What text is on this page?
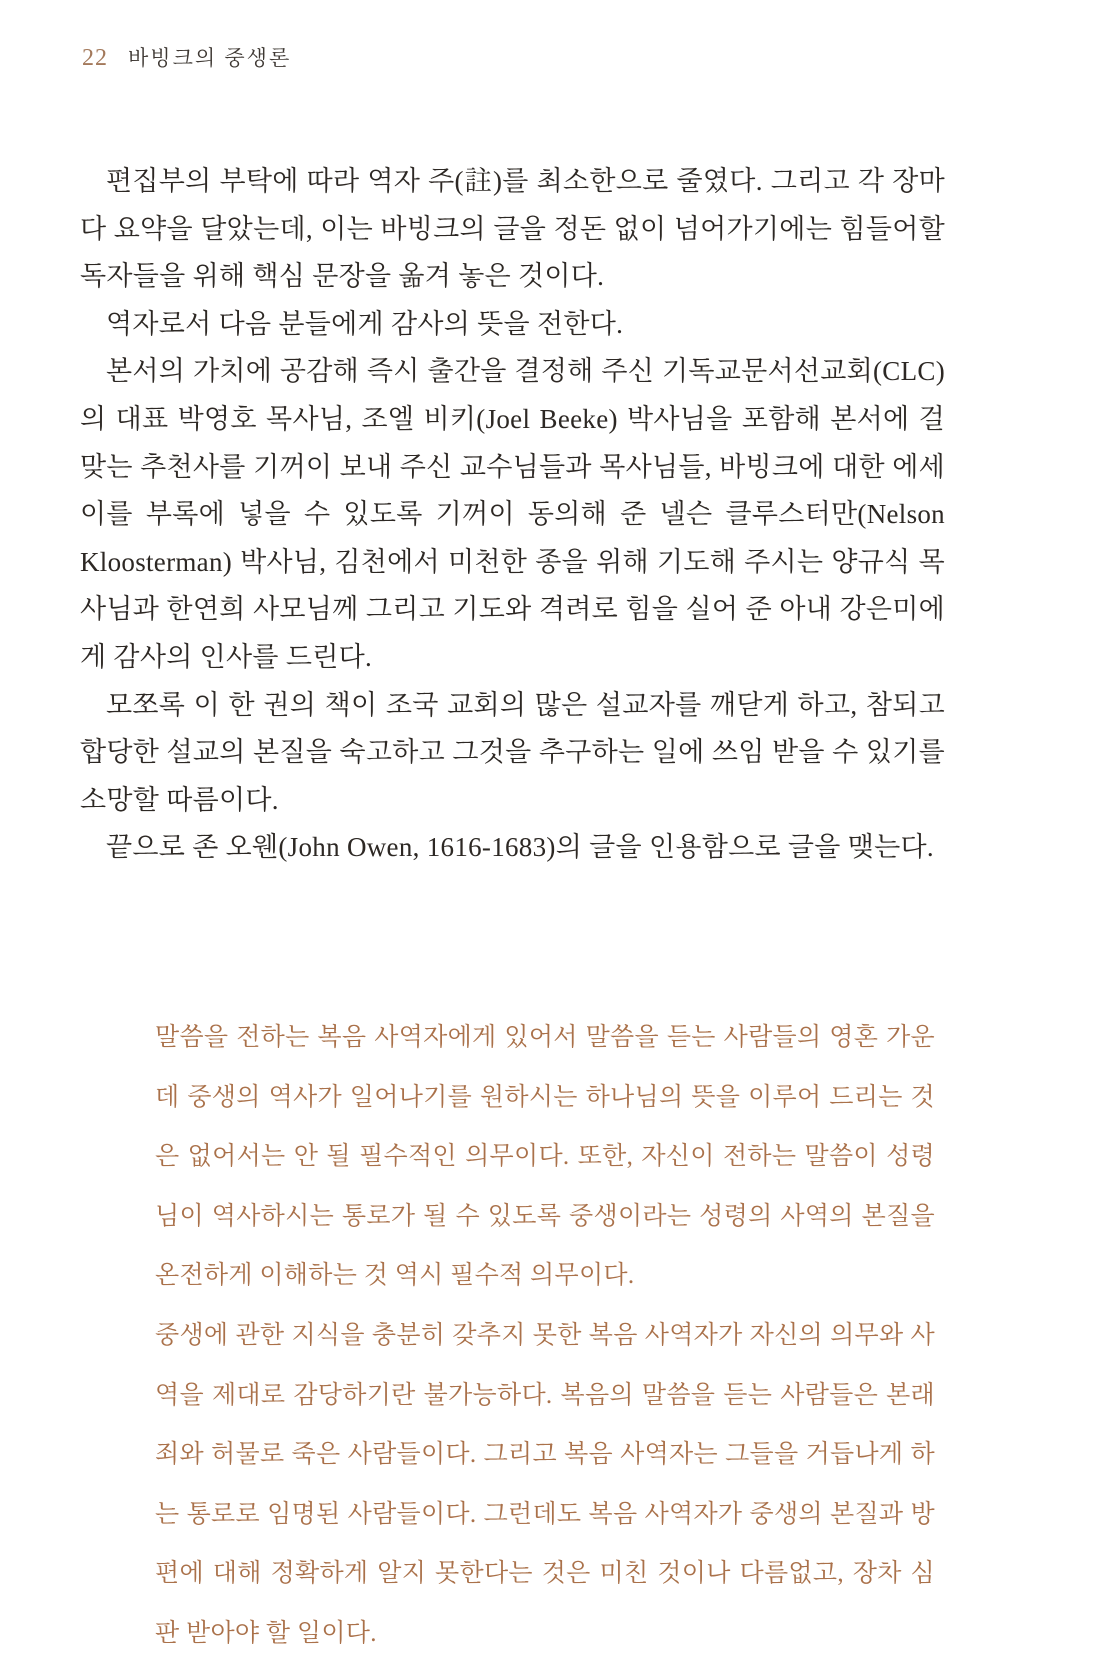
22 바빙크의 중생론

편집부의 부탁에 따라 역자 주(註)를 최소한으로 줄였다. 그리고 각 장마다 요약을 달았는데, 이는 바빙크의 글을 정돈 없이 넘어가기에는 힘들어할 독자들을 위해 핵심 문장을 옮겨 놓은 것이다.

역자로서 다음 분들에게 감사의 뜻을 전한다.

본서의 가치에 공감해 즉시 출간을 결정해 주신 기독교문서선교회(CLC)의 대표 박영호 목사님, 조엘 비키(Joel Beeke) 박사님을 포함해 본서에 걸맞는 추천사를 기꺼이 보내 주신 교수님들과 목사님들, 바빙크에 대한 에세이를 부록에 넣을 수 있도록 기꺼이 동의해 준 넬슨 클루스터만(Nelson Kloosterman) 박사님, 김천에서 미천한 종을 위해 기도해 주시는 양규식 목사님과 한연희 사모님께 그리고 기도와 격려로 힘을 실어 준 아내 강은미에게 감사의 인사를 드린다.

모쪼록 이 한 권의 책이 조국 교회의 많은 설교자를 깨닫게 하고, 참되고 합당한 설교의 본질을 숙고하고 그것을 추구하는 일에 쓰임 받을 수 있기를 소망할 따름이다.

끝으로 존 오웬(John Owen, 1616-1683)의 글을 인용함으로 글을 맺는다.

말씀을 전하는 복음 사역자에게 있어서 말씀을 듣는 사람들의 영혼 가운데 중생의 역사가 일어나기를 원하시는 하나님의 뜻을 이루어 드리는 것은 없어서는 안 될 필수적인 의무이다. 또한, 자신이 전하는 말씀이 성령님이 역사하시는 통로가 될 수 있도록 중생이라는 성령의 사역의 본질을 온전하게 이해하는 것 역시 필수적 의무이다.

중생에 관한 지식을 충분히 갖추지 못한 복음 사역자가 자신의 의무와 사역을 제대로 감당하기란 불가능하다. 복음의 말씀을 듣는 사람들은 본래 죄와 허물로 죽은 사람들이다. 그리고 복음 사역자는 그들을 거듭나게 하는 통로로 임명된 사람들이다. 그런데도 복음 사역자가 중생의 본질과 방편에 대해 정확하게 알지 못한다는 것은 미친 것이나 다름없고, 장차 심판 받아야 할 일이다.
